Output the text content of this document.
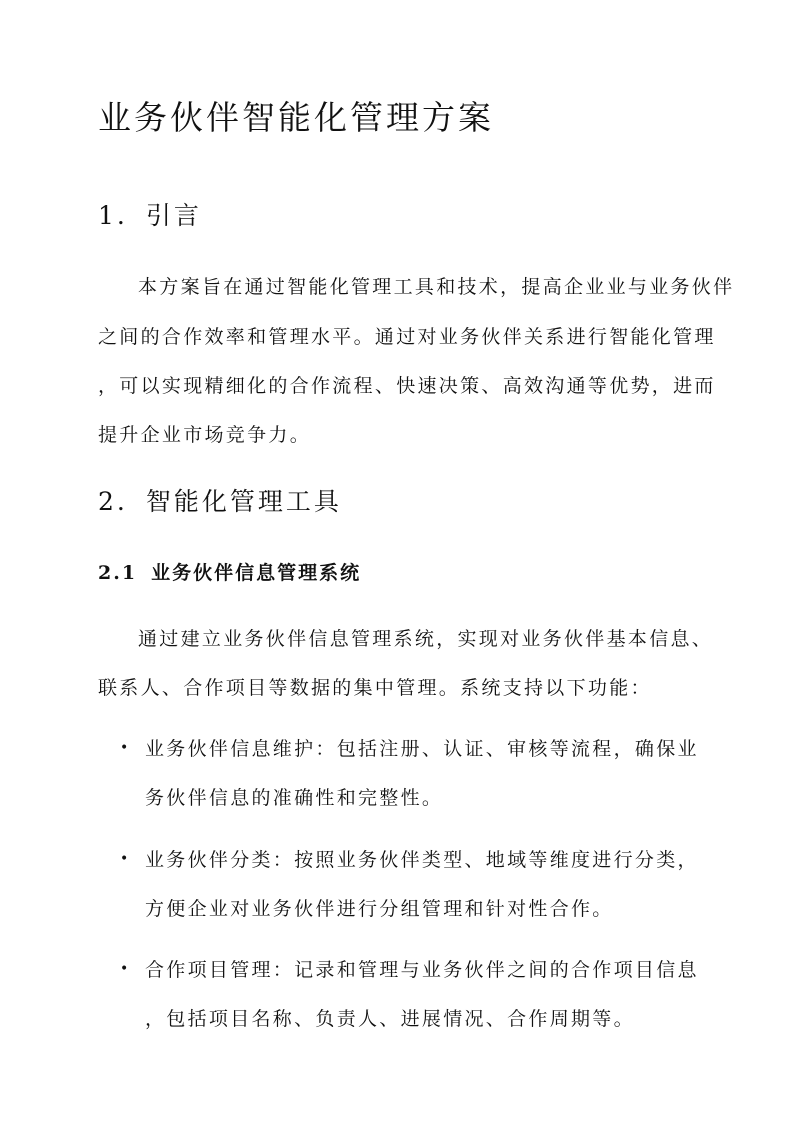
业务伙伴智能化管理方案
1. 引言

本方案旨在通过智能化管理工具和技术，提高企业业与业务伙伴

之间的合作效率和管理水平。通过对业务伙伴关系进行智能化管理

，可以实现精细化的合作流程、快速决策、高效沟通等优势，进而

提升企业市场竞争力。

2. 智能化管理工具
2.1 业务伙伴信息管理系统

通过建立业务伙伴信息管理系统，实现对业务伙伴基本信息、

联系人、合作项目等数据的集中管理。系统支持以下功能：

• 业务伙伴信息维护：包括注册、认证、审核等流程，确保业

务伙伴信息的准确性和完整性。

• 业务伙伴分类：按照业务伙伴类型、地域等维度进行分类，

方便企业对业务伙伴进行分组管理和针对性合作。

• 合作项目管理：记录和管理与业务伙伴之间的合作项目信息

，包括项目名称、负责人、进展情况、合作周期等。
